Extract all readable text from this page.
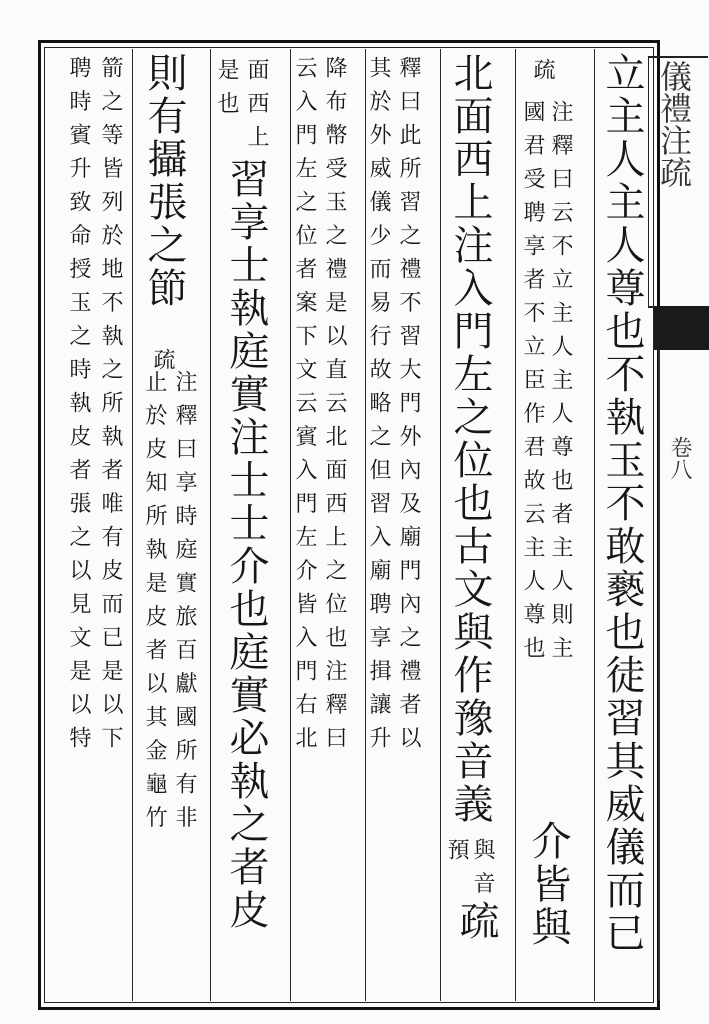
儀禮注疏
卷八
立主人主人尊也不執玉不敢褻也徒習其威儀而已
疏
注釋曰云不立主人主人尊也者主人則主
國君受聘享者不立臣作君故云主人尊也
介皆與
北面西上注入門左之位也古文與作豫音義
與音
預
疏
釋曰此所習之禮不習大門外內及廟門內之禮者以
其於外威儀少而易行故略之但習入廟聘享揖讓升
降布幣受玉之禮是以直云北面西上之位也注釋曰
云入門左之位者案下文云賓入門左介皆入門右北
面西上
是也
習享士執庭實注士士介也庭實必執之者皮
則有攝張之節
疏
注釋曰享時庭實旅百獻國所有非
止於皮知所執是皮者以其金龜竹
箭之等皆列於地不執之所執者唯有皮而已是以下
聘時賓升致命授玉之時執皮者張之以見文是以特
